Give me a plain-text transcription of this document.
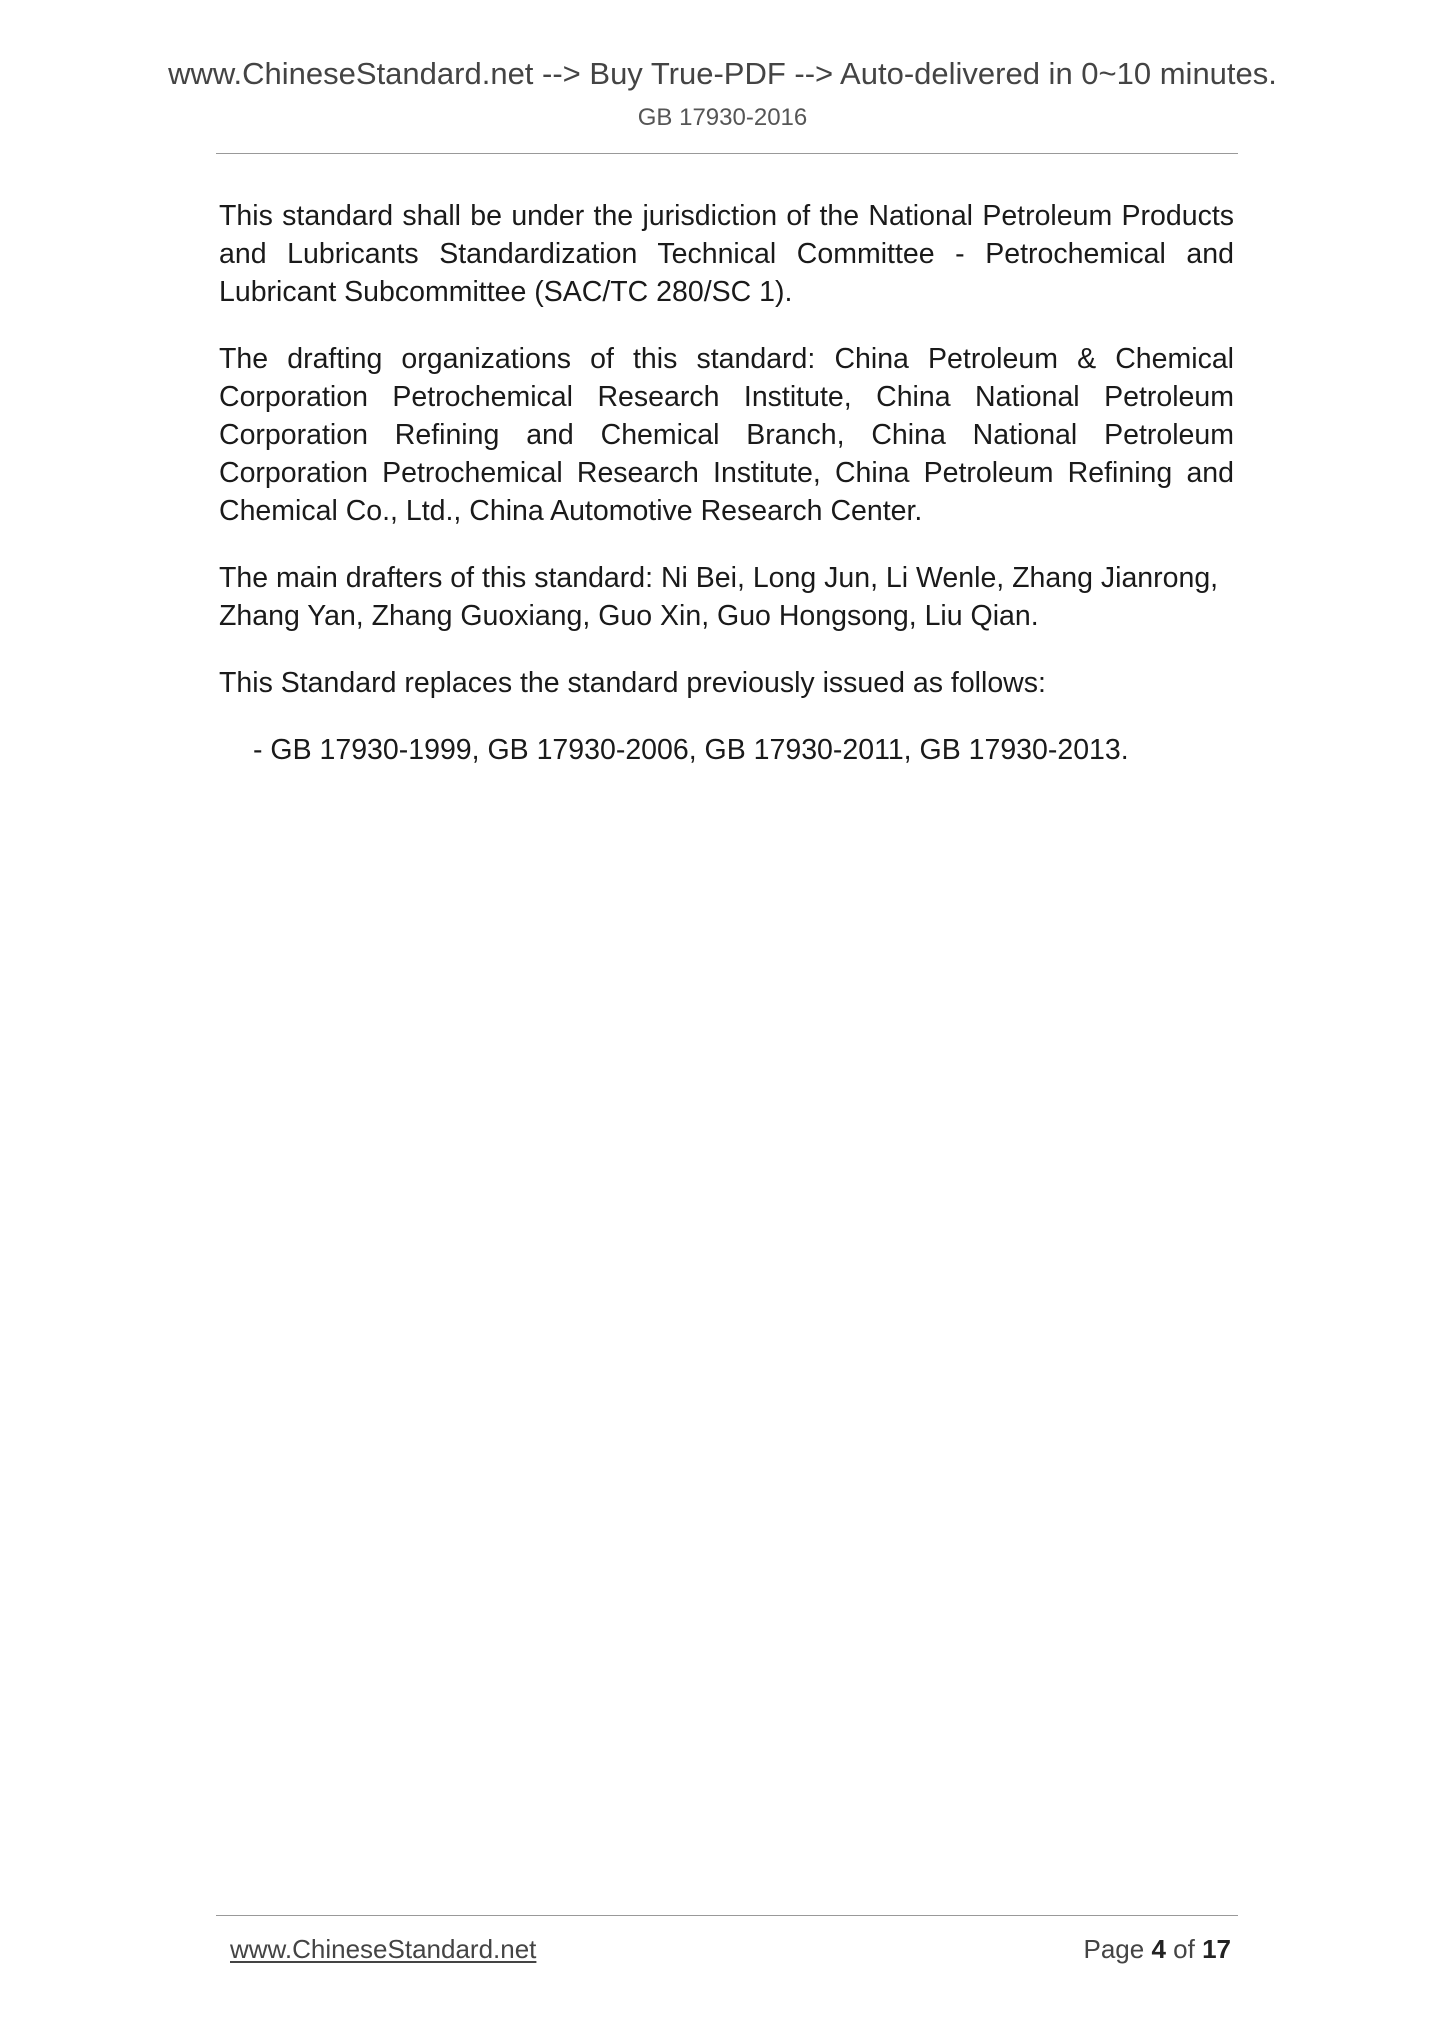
www.ChineseStandard.net --> Buy True-PDF --> Auto-delivered in 0~10 minutes.
GB 17930-2016

This standard shall be under the jurisdiction of the National Petroleum Products and Lubricants Standardization Technical Committee - Petrochemical and Lubricant Subcommittee (SAC/TC 280/SC 1).

The drafting organizations of this standard: China Petroleum & Chemical Corporation Petrochemical Research Institute, China National Petroleum Corporation Refining and Chemical Branch, China National Petroleum Corporation Petrochemical Research Institute, China Petroleum Refining and Chemical Co., Ltd., China Automotive Research Center.

The main drafters of this standard: Ni Bei, Long Jun, Li Wenle, Zhang Jianrong, Zhang Yan, Zhang Guoxiang, Guo Xin, Guo Hongsong, Liu Qian.

This Standard replaces the standard previously issued as follows:

- GB 17930-1999, GB 17930-2006, GB 17930-2011, GB 17930-2013.

www.ChineseStandard.net	Page 4 of 17
